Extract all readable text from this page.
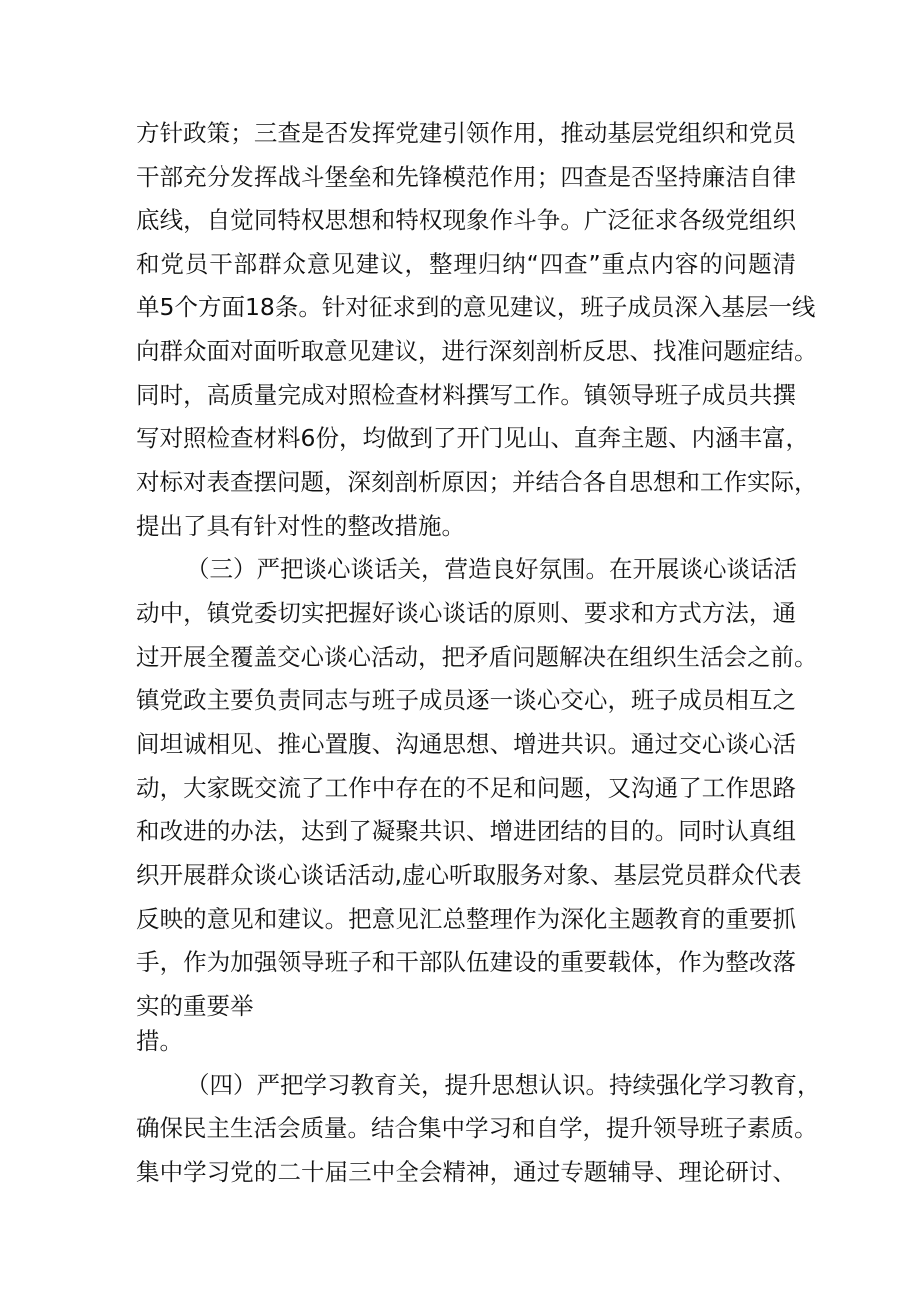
方针政策；三查是否发挥党建引领作用，推动基层党组织和党员
干部充分发挥战斗堡垒和先锋模范作用；四查是否坚持廉洁自律
底线，自觉同特权思想和特权现象作斗争。广泛征求各级党组织
和党员干部群众意见建议，整理归纳“四查”重点内容的问题清
单5个方面18条。针对征求到的意见建议，班子成员深入基层一线
向群众面对面听取意见建议，进行深刻剖析反思、找准问题症结。
同时，高质量完成对照检查材料撰写工作。镇领导班子成员共撰
写对照检查材料6份，均做到了开门见山、直奔主题、内涵丰富，
对标对表查摆问题，深刻剖析原因；并结合各自思想和工作实际，
提出了具有针对性的整改措施。
（三）严把谈心谈话关，营造良好氛围。在开展谈心谈话活
动中，镇党委切实把握好谈心谈话的原则、要求和方式方法，通
过开展全覆盖交心谈心活动，把矛盾问题解决在组织生活会之前。
镇党政主要负责同志与班子成员逐一谈心交心，班子成员相互之
间坦诚相见、推心置腹、沟通思想、增进共识。通过交心谈心活
动，大家既交流了工作中存在的不足和问题，又沟通了工作思路
和改进的办法，达到了凝聚共识、增进团结的目的。同时认真组
织开展群众谈心谈话活动,虚心听取服务对象、基层党员群众代表
反映的意见和建议。把意见汇总整理作为深化主题教育的重要抓
手，作为加强领导班子和干部队伍建设的重要载体，作为整改落
实的重要举
措。
（四）严把学习教育关，提升思想认识。持续强化学习教育，
确保民主生活会质量。结合集中学习和自学，提升领导班子素质。
集中学习党的二十届三中全会精神，通过专题辅导、理论研讨、
